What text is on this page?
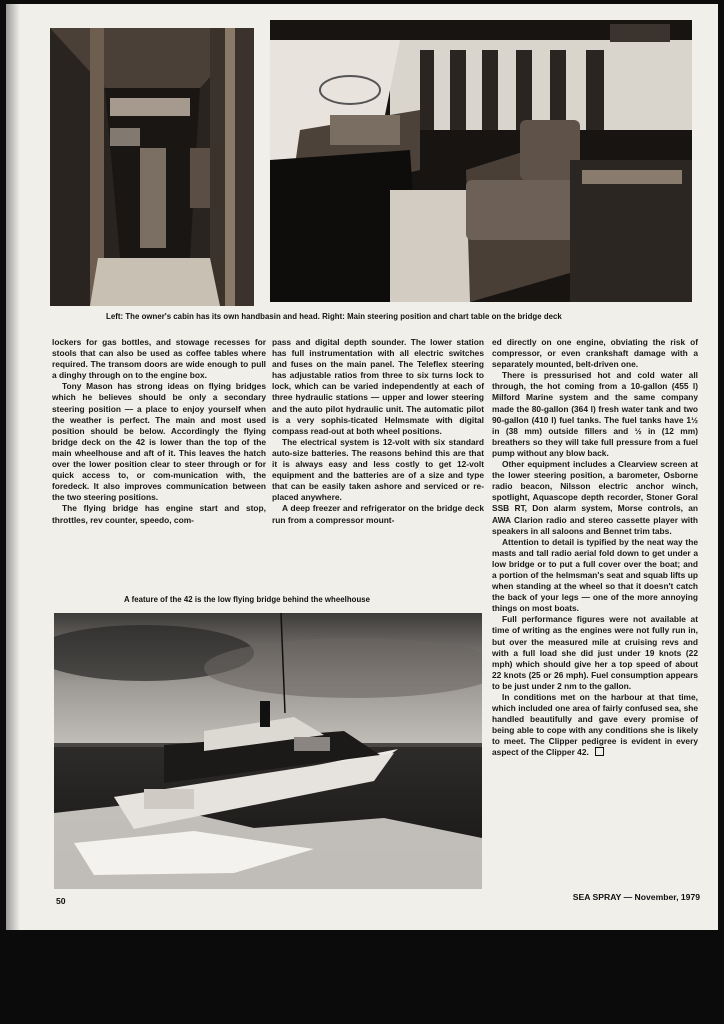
Left: The owner's cabin has its own handbasin and head. Right: Main steering position and chart table on the bridge deck

lockers for gas bottles, and stowage recesses for stools that can also be used as coffee tables where required. The transom doors are wide enough to pull a dinghy through on to the engine box.

Tony Mason has strong ideas on flying bridges which he believes should be only a secondary steering position — a place to enjoy yourself when the weather is perfect. The main and most used position should be below. Accordingly the flying bridge deck on the 42 is lower than the top of the main wheelhouse and aft of it. This leaves the hatch over the lower position clear to steer through or for quick access to, or com-munication with, the foredeck. It also improves communication between the two steering positions.

The flying bridge has engine start and stop, throttles, rev counter, speedo, com-

pass and digital depth sounder. The lower station has full instrumentation with all electric switches and fuses on the main panel. The Teleflex steering has adjustable ratios from three to six turns lock to lock, which can be varied independently at each of three hydraulic stations — upper and lower steering and the auto pilot hydraulic unit. The automatic pilot is a very sophis-ticated Helmsmate with digital compass read-out at both wheel positions.

The electrical system is 12-volt with six standard auto-size batteries. The reasons behind this are that it is always easy and less costly to get 12-volt equipment and the batteries are of a size and type that can be easily taken ashore and serviced or re-placed anywhere.

A deep freezer and refrigerator on the bridge deck run from a compressor mount-

A feature of the 42 is the low flying bridge behind the wheelhouse

ed directly on one engine, obviating the risk of compressor, or even crankshaft damage with a separately mounted, belt-driven one.

There is pressurised hot and cold water all through, the hot coming from a 10-gallon (455 l) Milford Marine system and the same company made the 80-gallon (364 l) fresh water tank and two 90-gallon (410 l) fuel tanks. The fuel tanks have 1½ in (38 mm) outside fillers and ½ in (12 mm) breathers so they will take full pressure from a fuel pump without any blow back.

Other equipment includes a Clearview screen at the lower steering position, a barometer, Osborne radio beacon, Nilsson electric anchor winch, spotlight, Aquascope depth recorder, Stoner Goral SSB RT, Don alarm system, Morse controls, an AWA Clarion radio and stereo cassette player with speakers in all saloons and Bennet trim tabs.

Attention to detail is typified by the neat way the masts and tall radio aerial fold down to get under a low bridge or to put a full cover over the boat; and a portion of the helmsman's seat and squab lifts up when standing at the wheel so that it doesn't catch the back of your legs — one of the more annoying things on most boats.

Full performance figures were not available at time of writing as the engines were not fully run in, but over the measured mile at cruising revs and with a full load she did just under 19 knots (22 mph) which should give her a top speed of about 22 knots (25 or 26 mph). Fuel consumption appears to be just under 2 nm to the gallon.

In conditions met on the harbour at that time, which included one area of fairly confused sea, she handled beautifully and gave every promise of being able to cope with any conditions she is likely to meet. The Clipper pedigree is evident in every aspect of the Clipper 42.

50	SEA SPRAY — November, 1979
